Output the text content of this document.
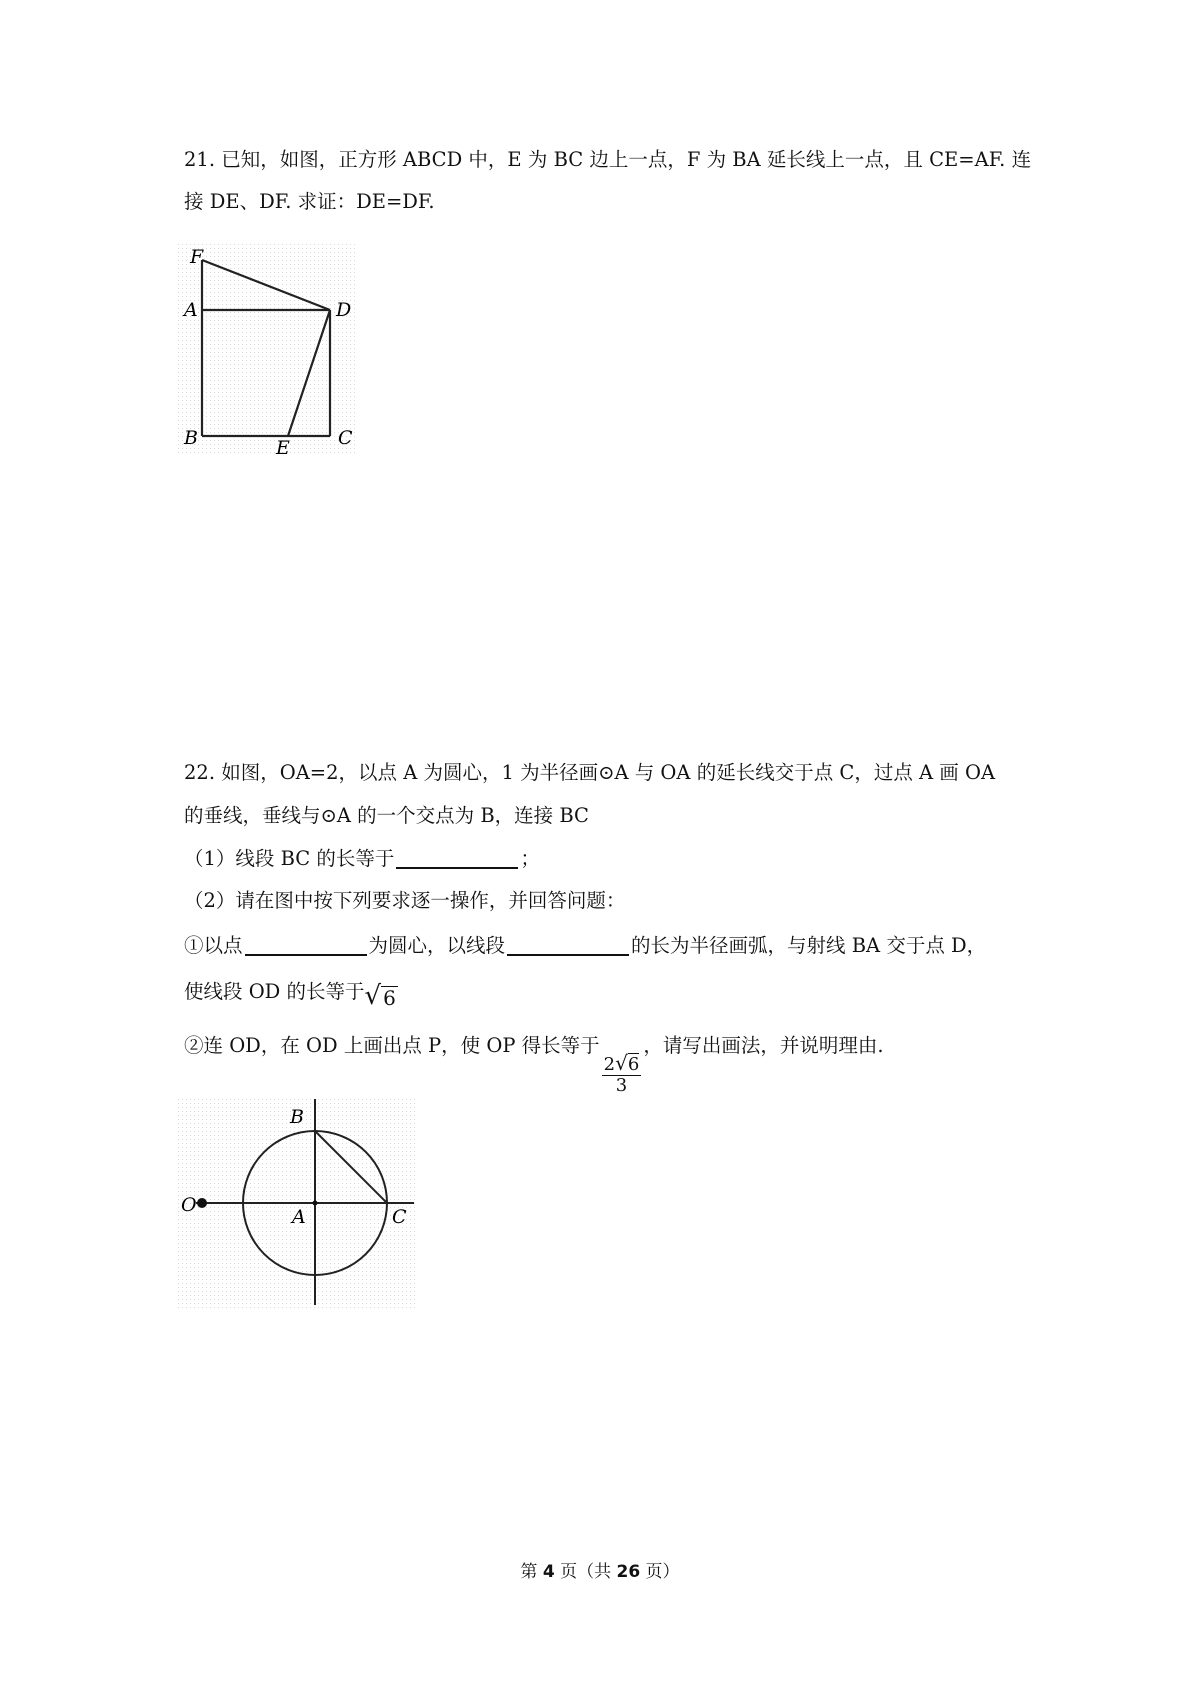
21. 已知，如图，正方形 ABCD 中，E 为 BC 边上一点，F 为 BA 延长线上一点，且 CE=AF. 连
接 DE、DF. 求证：DE=DF.
F
A	D
B	E	C
22. 如图，OA=2，以点 A 为圆心，1 为半径画⊙A 与 OA 的延长线交于点 C，过点 A 画 OA
的垂线，垂线与⊙A 的一个交点为 B，连接 BC
（1）线段 BC 的长等于	；
（2）请在图中按下列要求逐一操作，并回答问题：
①以点	为圆心，以线段	的长为半径画弧，与射线 BA 交于点 D，
使线段 OD 的长等于 √ 6
②连 OD，在 OD 上画出点 P，使 OP 得长等于
$\frac{2√6}{3}$
，请写出画法，并说明理由.
B
O
A	C
第 4 页（共 26 页）
